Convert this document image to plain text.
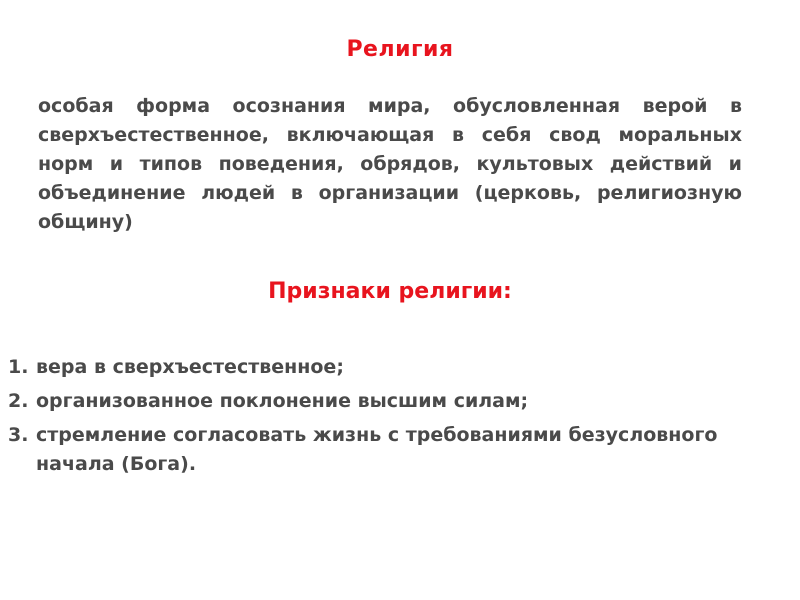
Религия

особая форма осознания мира, обусловленная верой в сверхъестественное, включающая в себя свод моральных норм и типов поведения, обрядов, культовых действий и объединение людей в организации (церковь, религиозную общину)

Признаки религии:
1. вера в сверхъестественное;
2. организованное поклонение высшим силам;
3. стремление согласовать жизнь с требованиями безусловного начала (Бога).
